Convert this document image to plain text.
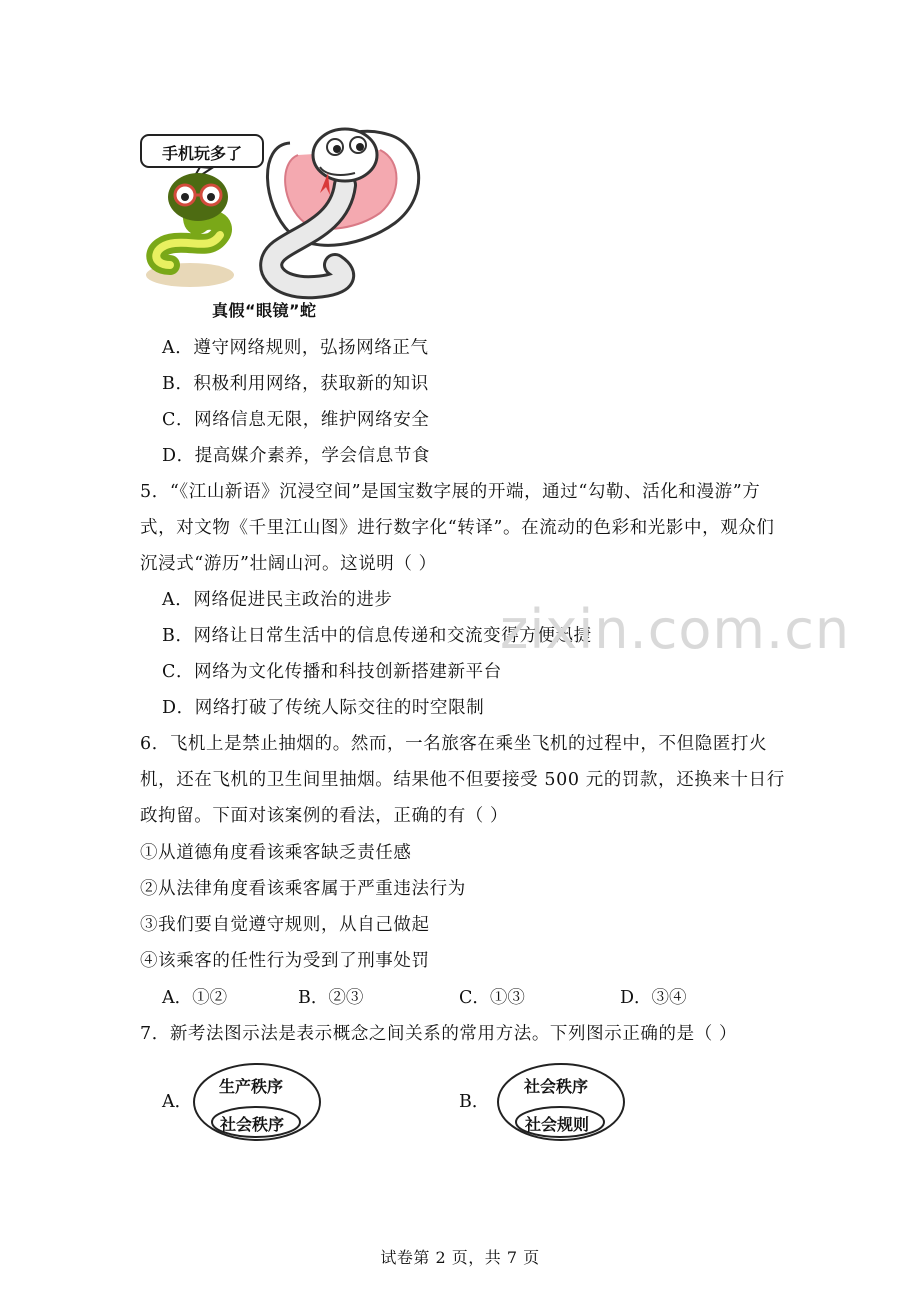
手机玩多了
真假“眼镜”蛇
A．遵守网络规则，弘扬网络正气
B．积极利用网络，获取新的知识
C．网络信息无限，维护网络安全
D．提高媒介素养，学会信息节食
5．“《江山新语》沉浸空间”是国宝数字展的开端，通过“勾勒、活化和漫游”方
式，对文物《千里江山图》进行数字化“转译”。在流动的色彩和光影中，观众们
沉浸式“游历”壮阔山河。这说明（ ）
A．网络促进民主政治的进步
B．网络让日常生活中的信息传递和交流变得方便迅捷
C．网络为文化传播和科技创新搭建新平台
D．网络打破了传统人际交往的时空限制
zixin.com.cn
6．飞机上是禁止抽烟的。然而，一名旅客在乘坐飞机的过程中，不但隐匿打火
机，还在飞机的卫生间里抽烟。结果他不但要接受 500 元的罚款，还换来十日行
政拘留。下面对该案例的看法，正确的有（ ）
①从道德角度看该乘客缺乏责任感
②从法律角度看该乘客属于严重违法行为
③我们要自觉遵守规则，从自己做起
④该乘客的任性行为受到了刑事处罚
A．①②	B．②③	C．①③	D．③④
7．新考法图示法是表示概念之间关系的常用方法。下列图示正确的是（ ）
A．
生产秩序
社会秩序
B．
社会秩序
社会规则
试卷第 2 页，共 7 页
